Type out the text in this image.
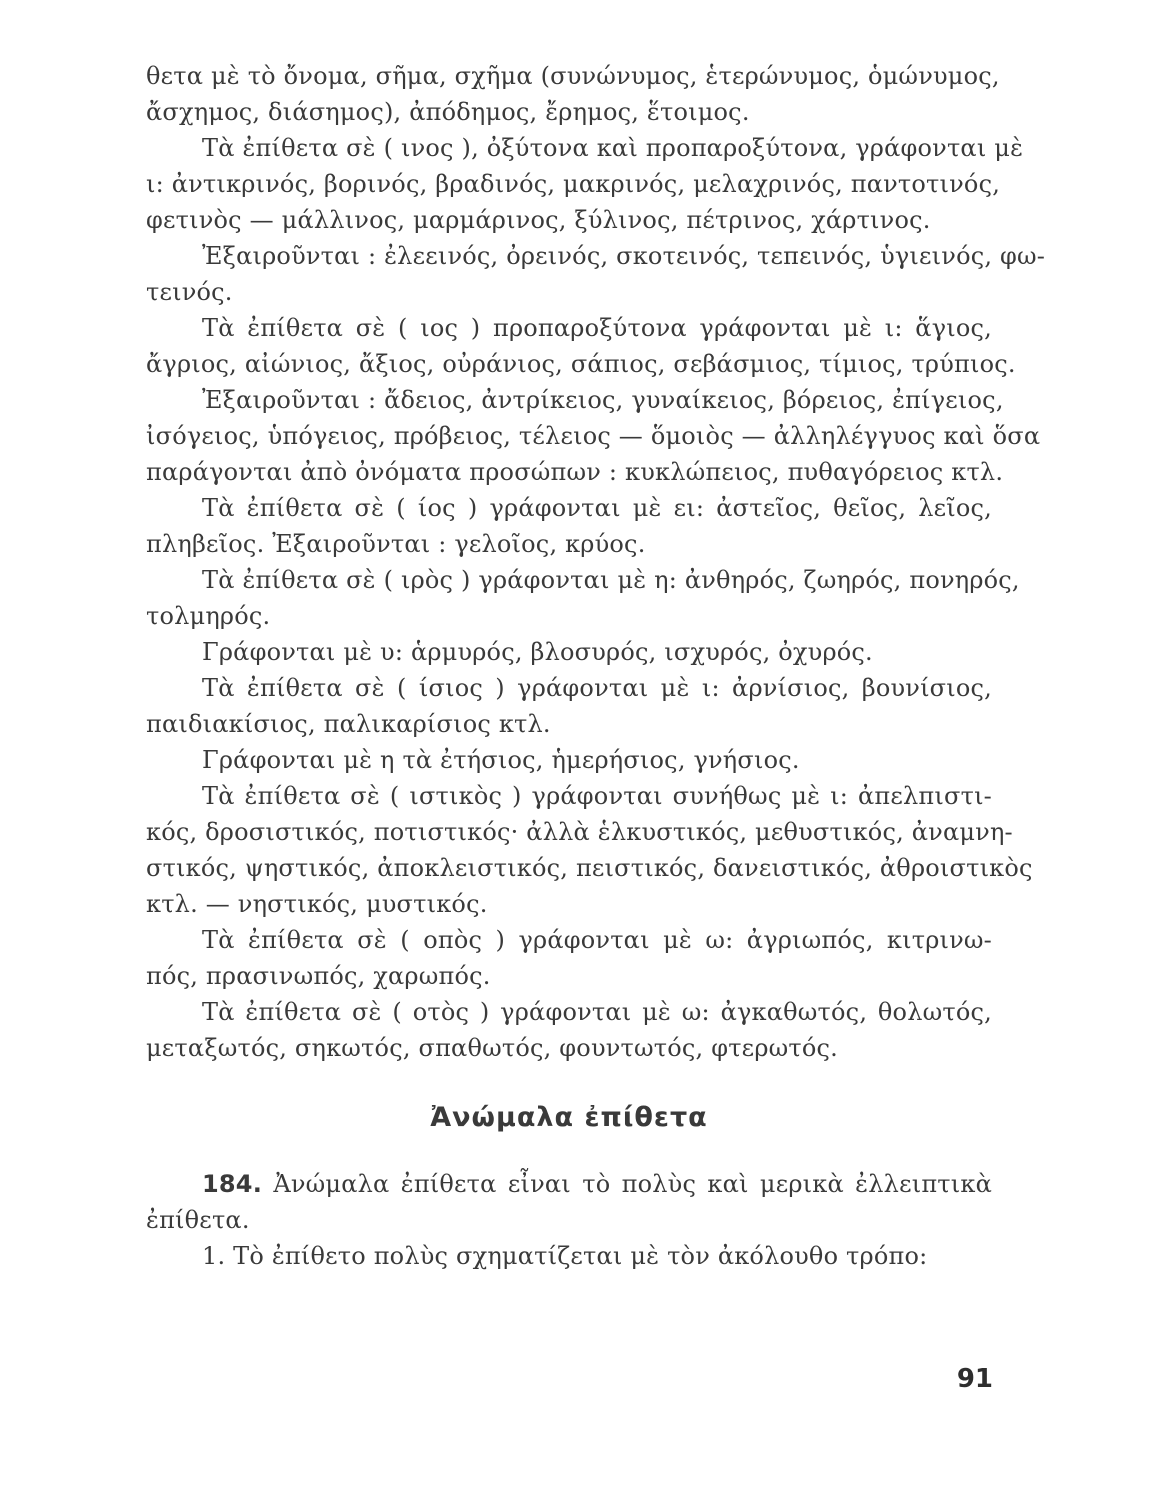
θετα μὲ τὸ ὄνομα, σῆμα, σχῆμα (συνώνυμος, ἑτερώνυμος, ὁμώνυμος,
ἄσχημος, διάσημος), ἀπόδημος, ἔρημος, ἕτοιμος.
Τὰ ἐπίθετα σὲ ( ινος ), ὀξύτονα καὶ προπαροξύτονα, γράφονται μὲ
ι: ἀντικρινός, βορινός, βραδινός, μακρινός, μελαχρινός, παντοτινός,
φετινὸς — μάλλινος, μαρμάρινος, ξύλινος, πέτρινος, χάρτινος.
Ἐξαιροῦνται : ἐλεεινός, ὀρεινός, σκοτεινός, τεπεινός, ὑγιεινός, φω-
τεινός.
Τὰ ἐπίθετα σὲ ( ιος ) προπαροξύτονα γράφονται μὲ ι: ἅγιος,
ἄγριος, αἰώνιος, ἄξιος, οὐράνιος, σάπιος, σεβάσμιος, τίμιος, τρύπιος.
Ἐξαιροῦνται : ἄδειος, ἀντρίκειος, γυναίκειος, βόρειος, ἐπίγειος,
ἰσόγειος, ὑπόγειος, πρόβειος, τέλειος — ὅμοιὸς — ἀλληλέγγυος καὶ ὅσα
παράγονται ἀπὸ ὀνόματα προσώπων : κυκλώπειος, πυθαγόρειος κτλ.
Τὰ ἐπίθετα σὲ ( ίος ) γράφονται μὲ ει: ἀστεῖος, θεῖος, λεῖος,
πληβεῖος. Ἐξαιροῦνται : γελοῖος, κρύος.
Τὰ ἐπίθετα σὲ ( ιρὸς ) γράφονται μὲ η: ἀνθηρός, ζωηρός, πονηρός,
τολμηρός.
Γράφονται μὲ υ: ἁρμυρός, βλοσυρός, ισχυρός, ὀχυρός.
Τὰ ἐπίθετα σὲ ( ίσιος ) γράφονται μὲ ι: ἀρνίσιος, βουνίσιος,
παιδιακίσιος, παλικαρίσιος κτλ.
Γράφονται μὲ η τὰ ἐτήσιος, ἡμερήσιος, γνήσιος.
Τὰ ἐπίθετα σὲ ( ιστικὸς ) γράφονται συνήθως μὲ ι: ἀπελπιστι-
κός, δροσιστικός, ποτιστικός· ἀλλὰ ἑλκυστικός, μεθυστικός, ἀναμνη-
στικός, ψηστικός, ἀποκλειστικός, πειστικός, δανειστικός, ἀθροιστικὸς
κτλ. — νηστικός, μυστικός.
Τὰ ἐπίθετα σὲ ( οπὸς ) γράφονται μὲ ω: ἀγριωπός, κιτρινω-
πός, πρασινωπός, χαρωπός.
Τὰ ἐπίθετα σὲ ( οτὸς ) γράφονται μὲ ω: ἀγκαθωτός, θολωτός,
μεταξωτός, σηκωτός, σπαθωτός, φουντωτός, φτερωτός.
Ἀνώμαλα ἐπίθετα
184. Ἀνώμαλα ἐπίθετα εἶναι τὸ πολὺς καὶ μερικὰ ἐλλειπτικὰ
ἐπίθετα.
1. Τὸ ἐπίθετο πολὺς σχηματίζεται μὲ τὸν ἀκόλουθο τρόπο:
91
